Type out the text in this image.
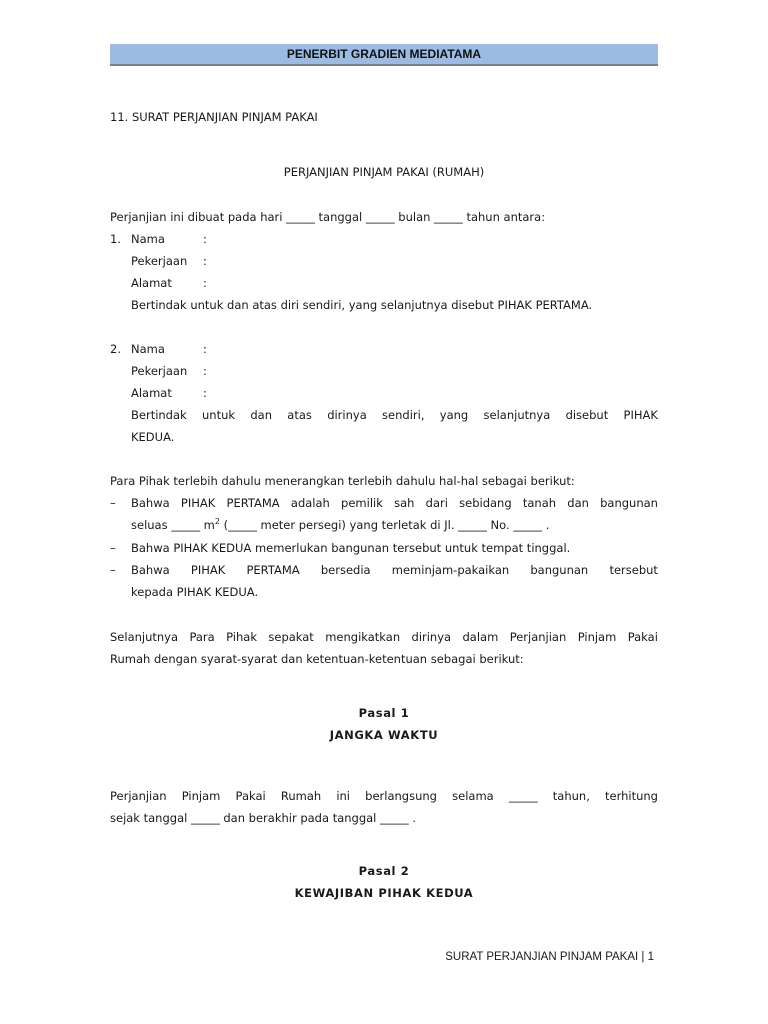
PENERBIT GRADIEN MEDIATAMA
11. SURAT PERJANJIAN PINJAM PAKAI
PERJANJIAN PINJAM PAKAI (RUMAH)
Perjanjian ini dibuat pada hari _____ tanggal _____ bulan _____ tahun antara:
1. Nama	:
Pekerjaan :
Alamat	:
Bertindak untuk dan atas diri sendiri, yang selanjutnya disebut PIHAK PERTAMA.
2. Nama	:
Pekerjaan :
Alamat	:
Bertindak untuk dan atas dirinya sendiri, yang selanjutnya disebut PIHAK
KEDUA.
Para Pihak terlebih dahulu menerangkan terlebih dahulu hal-hal sebagai berikut:
– Bahwa PIHAK PERTAMA adalah pemilik sah dari sebidang tanah dan bangunan
seluas _____ $m^2$ (_____ meter persegi) yang terletak di Jl. _____ No. _____ .
– Bahwa PIHAK KEDUA memerlukan bangunan tersebut untuk tempat tinggal.
– Bahwa PIHAK PERTAMA bersedia meminjam-pakaikan bangunan tersebut
kepada PIHAK KEDUA.
Selanjutnya Para Pihak sepakat mengikatkan dirinya dalam Perjanjian Pinjam Pakai
Rumah dengan syarat-syarat dan ketentuan-ketentuan sebagai berikut:
Pasal 1
JANGKA WAKTU
Perjanjian Pinjam Pakai Rumah ini berlangsung selama _____ tahun, terhitung
sejak tanggal _____ dan berakhir pada tanggal _____ .
Pasal 2
KEWAJIBAN PIHAK KEDUA
SURAT PERJANJIAN PINJAM PAKAI | 1
